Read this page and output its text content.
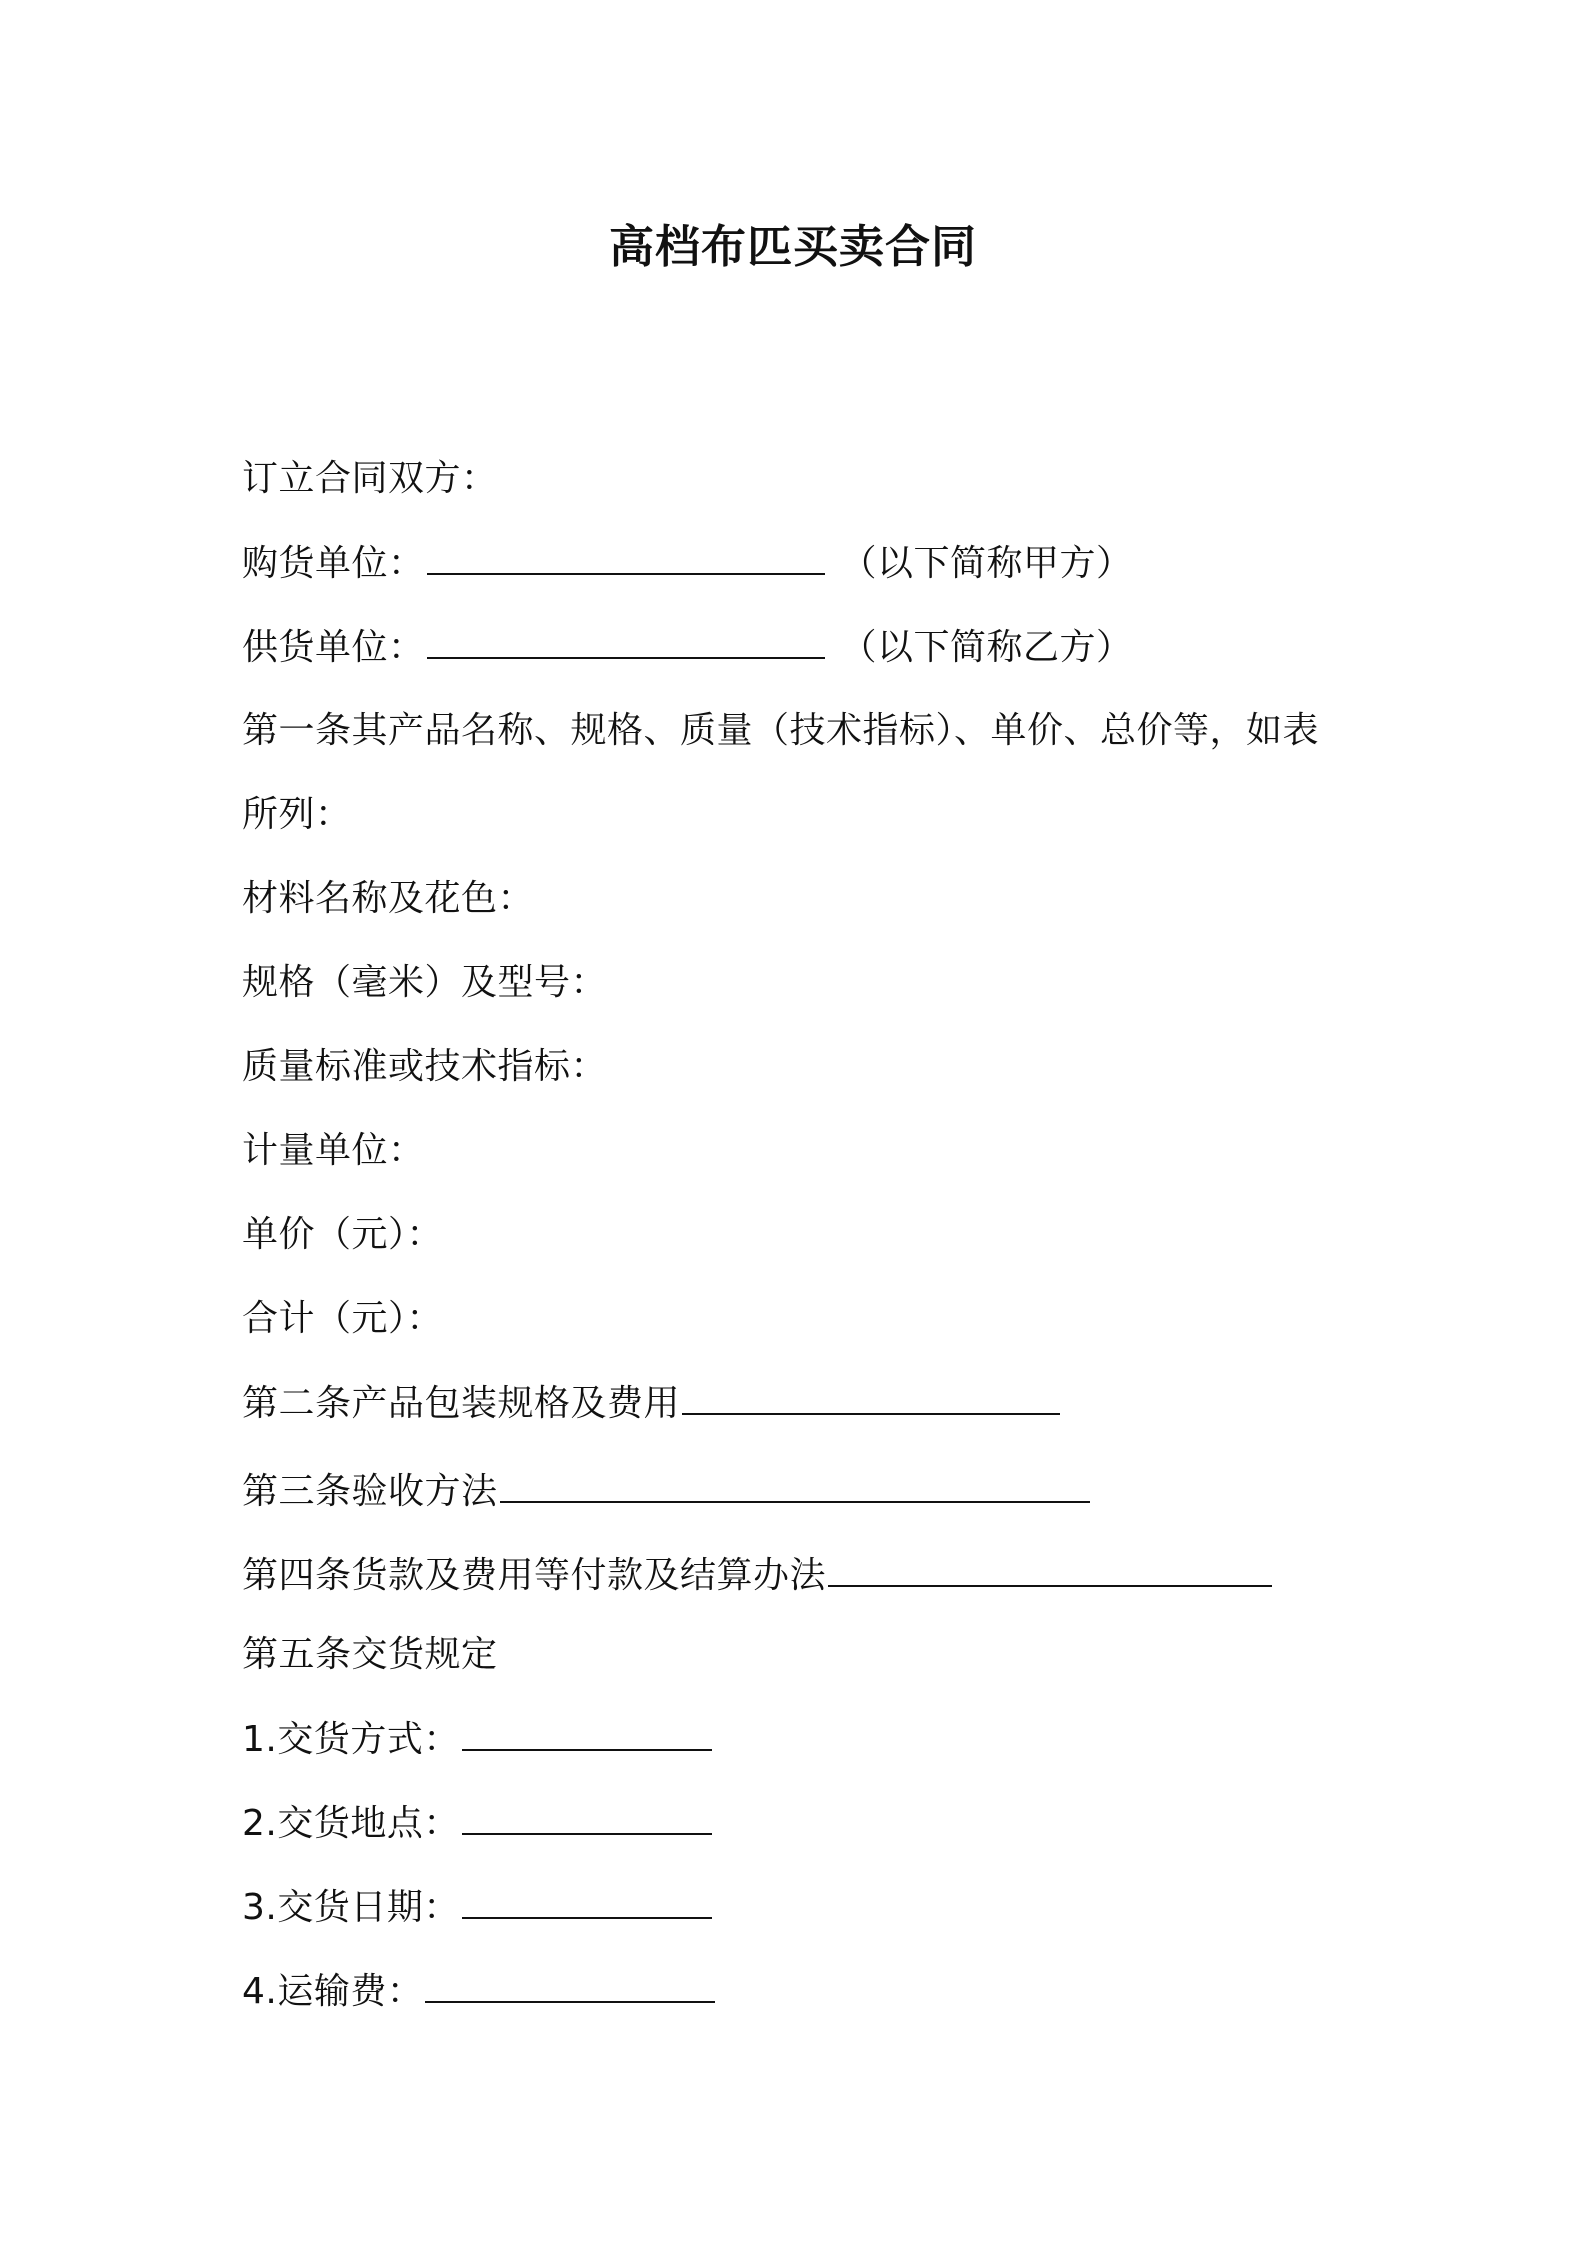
高档布匹买卖合同
订立合同双方：
购货单位：	（以下简称甲方）
供货单位：	（以下简称乙方）
第一条其产品名称、规格、质量（技术指标）、单价、总价等，如表
所列：
材料名称及花色：
规格（毫米）及型号：
质量标准或技术指标：
计量单位：
单价（元）：
合计（元）：
第二条产品包装规格及费用
第三条验收方法
第四条货款及费用等付款及结算办法
第五条交货规定
1.交货方式：
2.交货地点：
3.交货日期：
4.运输费：
